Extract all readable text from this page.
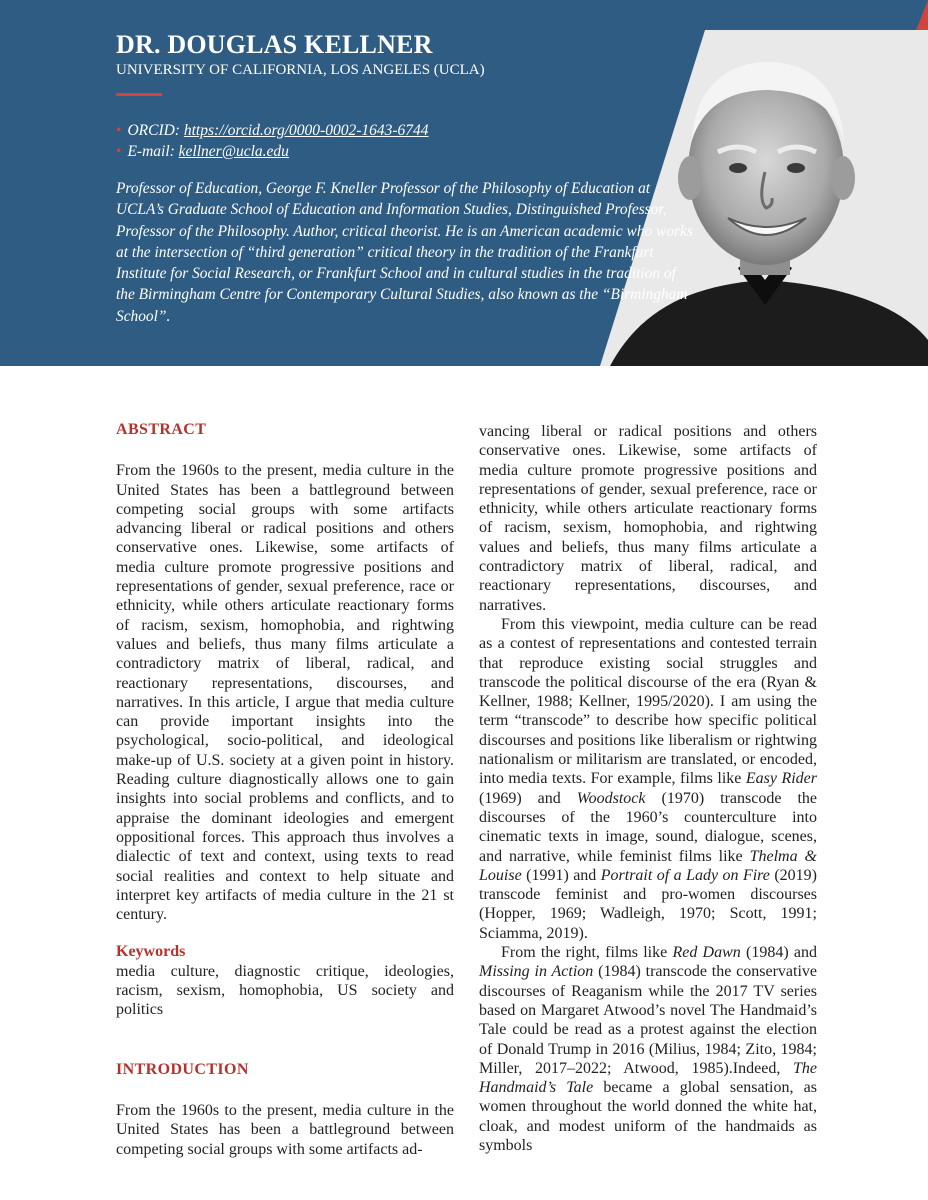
DR. DOUGLAS KELLNER
UNIVERSITY OF CALIFORNIA, LOS ANGELES (UCLA)
• ORCID: https://orcid.org/0000-0002-1643-6744
• E-mail: kellner@ucla.edu

Professor of Education, George F. Kneller Professor of the Philosophy of Education at UCLA’s Graduate School of Education and Information Studies, Distinguished Professor, Professor of the Philosophy. Author, critical theorist. He is an American academic who works at the intersection of “third generation” critical theory in the tradition of the Frankfurt Institute for Social Research, or Frankfurt School and in cultural studies in the tradition of the Birmingham Centre for Contemporary Cultural Studies, also known as the “Birmingham School”.

ABSTRACT

From the 1960s to the present, media culture in the United States has been a battleground between competing social groups with some artifacts advancing liberal or radical positions and others conservative ones. Likewise, some artifacts of media culture promote progressive positions and representations of gender, sexual preference, race or ethnicity, while others articulate reactionary forms of racism, sexism, homophobia, and rightwing values and beliefs, thus many films articulate a contradictory matrix of liberal, radical, and reactionary representations, discourses, and narratives. In this article, I argue that media culture can provide important insights into the psychological, socio-political, and ideological make-up of U.S. society at a given point in history. Reading culture diagnostically allows one to gain insights into social problems and conflicts, and to appraise the dominant ideologies and emergent oppositional forces. This approach thus involves a dialectic of text and context, using texts to read social realities and context to help situate and interpret key artifacts of media culture in the 21 st century.

Keywords

media culture, diagnostic critique, ideologies, racism, sexism, homophobia, US society and politics

INTRODUCTION

From the 1960s to the present, media culture in the United States has been a battleground between competing social groups with some artifacts ad-

vancing liberal or radical positions and others conservative ones. Likewise, some artifacts of media culture promote progressive positions and representations of gender, sexual preference, race or ethnicity, while others articulate reactionary forms of racism, sexism, homophobia, and rightwing values and beliefs, thus many films articulate a contradictory matrix of liberal, radical, and reactionary representations, discourses, and narratives.

From this viewpoint, media culture can be read as a contest of representations and contested terrain that reproduce existing social struggles and transcode the political discourse of the era (Ryan & Kellner, 1988; Kellner, 1995/2020). I am using the term “transcode” to describe how specific political discourses and positions like liberalism or rightwing nationalism or militarism are translated, or encoded, into media texts. For example, films like Easy Rider (1969) and Woodstock (1970) transcode the discourses of the 1960’s counterculture into cinematic texts in image, sound, dialogue, scenes, and narrative, while feminist films like Thelma & Louise (1991) and Portrait of a Lady on Fire (2019) transcode feminist and pro-women discourses (Hopper, 1969; Wadleigh, 1970; Scott, 1991; Sciamma, 2019).

From the right, films like Red Dawn (1984) and Missing in Action (1984) transcode the conservative discourses of Reaganism while the 2017 TV series based on Margaret Atwood’s novel The Handmaid’s Tale could be read as a protest against the election of Donald Trump in 2016 (Milius, 1984; Zito, 1984; Miller, 2017–2022; Atwood, 1985).Indeed, The Handmaid’s Tale became a global sensation, as women throughout the world donned the white hat, cloak, and modest uniform of the handmaids as symbols
